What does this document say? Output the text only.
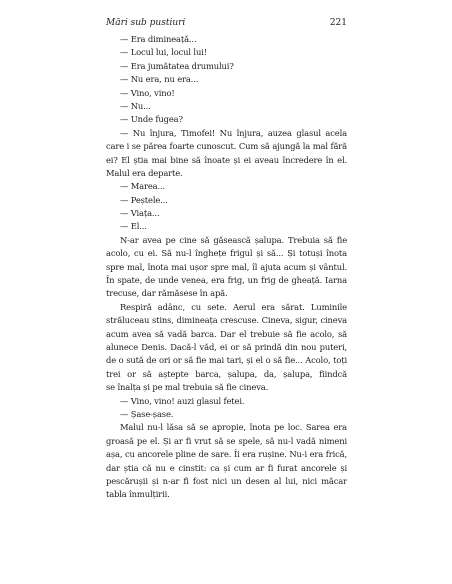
Mări sub pustiuri	221
— Era dimineață...
— Locul lui, locul lui!
— Era jumătatea drumului?
— Nu era, nu era...
— Vino, vino!
— Nu...
— Unde fugea?
— Nu înjura, Timofei! Nu înjura, auzea glasul acela
care i se părea foarte cunoscut. Cum să ajungă la mal fără
ei? El știa mai bine să înoate și ei aveau încredere în el.
Malul era departe.
— Marea...
— Peștele...
— Viața...
— El...
N-ar avea pe cine să găsească șalupa. Trebuia să fie
acolo, cu ei. Să nu-l înghețe frigul și să... Și totuși înota
spre mal, înota mai ușor spre mal, îl ajuta acum și vântul.
În spate, de unde venea, era frig, un frig de gheață. Iarna
trecuse, dar rămăsese în apă.
Respiră adânc, cu sete. Aerul era sărat. Luminile
străluceau stins, dimineața crescuse. Cineva, sigur, cineva
acum avea să vadă barca. Dar el trebuie să fie acolo, să
alunece Denis. Dacă-l văd, ei or să prindă din nou puteri,
de o sută de ori or să fie mai tari, și el o să fie... Acolo, toți
trei or să aștepte barca, șalupa, da, șalupa, fiindcă
se înalța și pe mal trebuia să fie cineva.
— Vino, vino! auzi glasul fetei.
— Șase-șase.
Malul nu-l lăsa să se apropie, înota pe loc. Sarea era
groasă pe el. Și ar fi vrut să se spele, să nu-l vadă nimeni
așa, cu ancorele pline de sare. Îi era rușine. Nu-i era frică,
dar știa că nu e cinstit: ca și cum ar fi furat ancorele și
pescărușii și n-ar fi fost nici un desen al lui, nici măcar
tabla înmulțirii.
